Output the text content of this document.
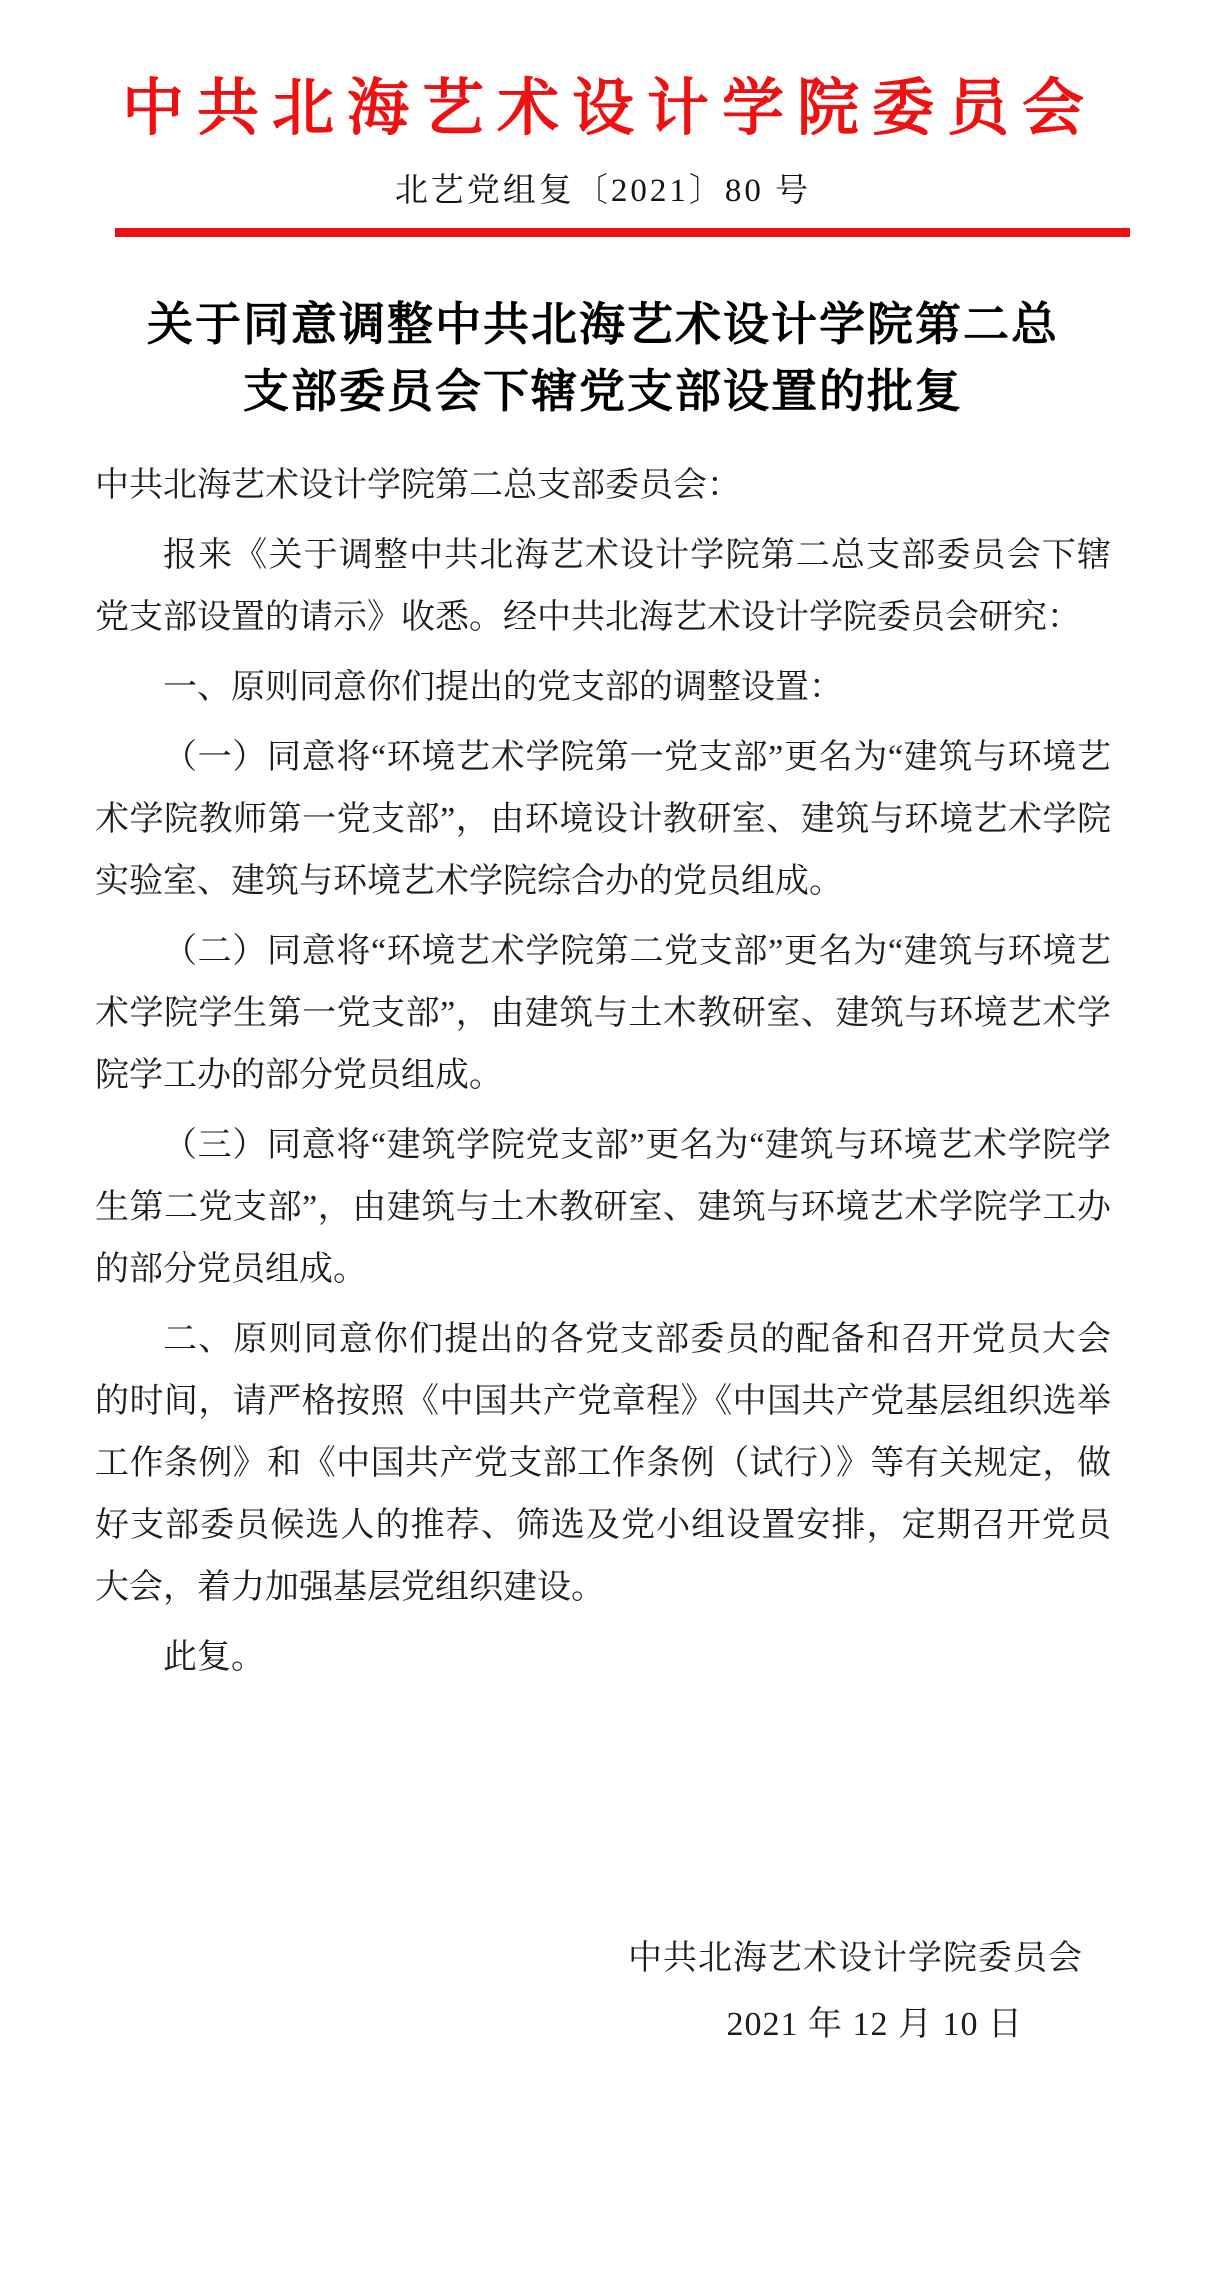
中共北海艺术设计学院委员会
北艺党组复〔2021〕80 号
关于同意调整中共北海艺术设计学院第二总
支部委员会下辖党支部设置的批复

中共北海艺术设计学院第二总支部委员会：

报来《关于调整中共北海艺术设计学院第二总支部委员会下辖党支部设置的请示》收悉。经中共北海艺术设计学院委员会研究：

一、原则同意你们提出的党支部的调整设置：

（一）同意将“环境艺术学院第一党支部”更名为“建筑与环境艺术学院教师第一党支部”，由环境设计教研室、建筑与环境艺术学院实验室、建筑与环境艺术学院综合办的党员组成。

（二）同意将“环境艺术学院第二党支部”更名为“建筑与环境艺术学院学生第一党支部”，由建筑与土木教研室、建筑与环境艺术学院学工办的部分党员组成。

（三）同意将“建筑学院党支部”更名为“建筑与环境艺术学院学生第二党支部”，由建筑与土木教研室、建筑与环境艺术学院学工办的部分党员组成。

二、原则同意你们提出的各党支部委员的配备和召开党员大会的时间，请严格按照《中国共产党章程》《中国共产党基层组织选举工作条例》和《中国共产党支部工作条例（试行）》等有关规定，做好支部委员候选人的推荐、筛选及党小组设置安排，定期召开党员大会，着力加强基层党组织建设。

此复。

中共北海艺术设计学院委员会
2021 年 12 月 10 日
